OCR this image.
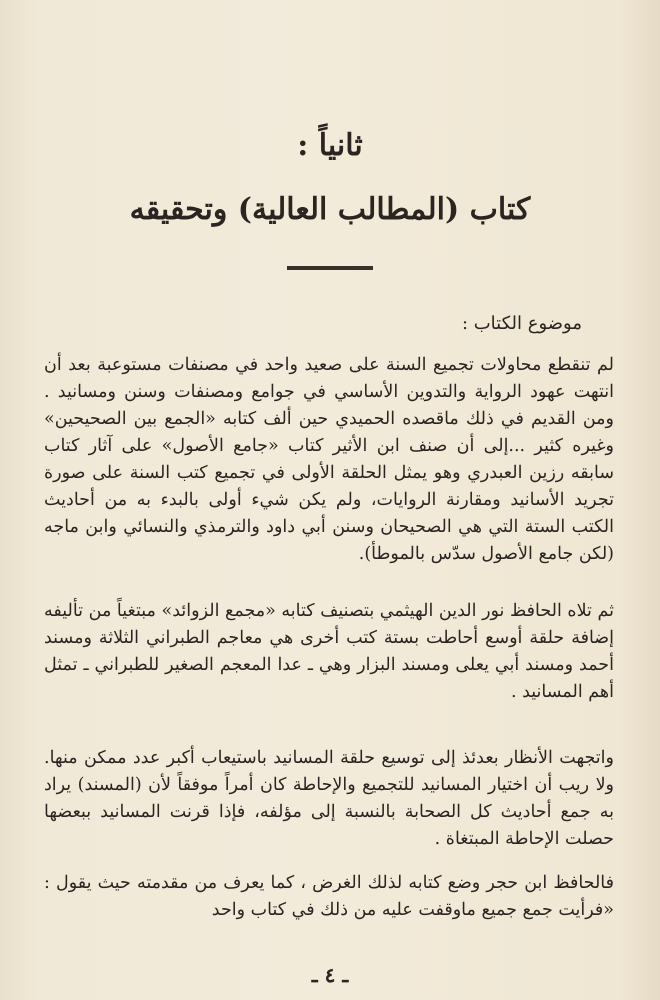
ثانياً :
كتاب (المطالب العالية) وتحقيقه
موضوع الكتاب :

لم تنقطع محاولات تجميع السنة على صعيد واحد في مصنفات مستوعبة بعد أن انتهت عهود الرواية والتدوين الأساسي في جوامع ومصنفات وسنن ومسانيد . ومن القديم في ذلك ماقصده الحميدي حين ألف كتابه «الجمع بين الصحيحين» وغيره كثير ...إلى أن صنف ابن الأثير كتاب «جامع الأصول» على آثار كتاب سابقه رزين العبدري وهو يمثل الحلقة الأولى في تجميع كتب السنة على صورة تجريد الأسانيد ومقارنة الروايات، ولم يكن شيء أولى بالبدء به من أحاديث الكتب الستة التي هي الصحيحان وسنن أبي داود والترمذي والنسائي وابن ماجه (لكن جامع الأصول سدّس بالموطأ).

ثم تلاه الحافظ نور الدين الهيثمي بتصنيف كتابه «مجمع الزوائد» مبتغياً من تأليفه إضافة حلقة أوسع أحاطت بستة كتب أخرى هي معاجم الطبراني الثلاثة ومسند أحمد ومسند أبي يعلى ومسند البزار وهي ـ عدا المعجم الصغير للطبراني ـ تمثل أهم المسانيد .

واتجهت الأنظار بعدئذ إلى توسيع حلقة المسانيد باستيعاب أكبر عدد ممكن منها. ولا ريب أن اختيار المسانيد للتجميع والإحاطة كان أمراً موفقاً لأن (المسند) يراد به جمع أحاديث كل الصحابة بالنسبة إلى مؤلفه، فإذا قرنت المسانيد ببعضها حصلت الإحاطة المبتغاة .

فالحافظ ابن حجر وضع كتابه لذلك الغرض ، كما يعرف من مقدمته حيث يقول : «فرأيت جمع جميع ماوقفت عليه من ذلك في كتاب واحد

ـ ٤ ـ
